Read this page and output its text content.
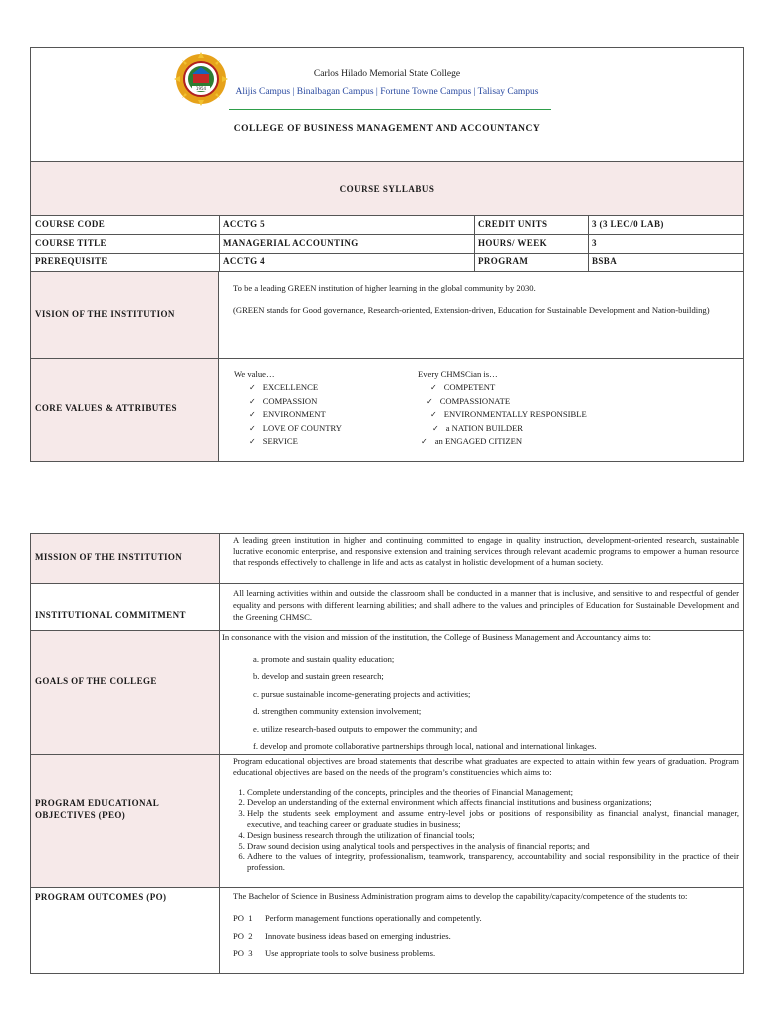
1954
Carlos Hilado Memorial State College
Alijis Campus | Binalbagan Campus | Fortune Towne Campus | Talisay Campus
COLLEGE OF BUSINESS MANAGEMENT AND ACCOUNTANCY
COURSE SYLLABUS
COURSE CODE	ACCTG 5	CREDIT UNITS	3 (3 LEC/0 LAB)
COURSE TITLE	MANAGERIAL ACCOUNTING	HOURS/ WEEK	3
PREREQUISITE	ACCTG 4	PROGRAM	BSBA
VISION OF THE INSTITUTION
To be a leading GREEN institution of higher learning in the global community by 2030.
(GREEN stands for Good governance, Research-oriented, Extension-driven, Education for Sustainable Development and Nation-building)
CORE VALUES & ATTRIBUTES
We value…
✓ EXCELLENCE
✓ COMPASSION
✓ ENVIRONMENT
✓ LOVE OF COUNTRY
✓ SERVICE
Every CHMSCian is…
✓ COMPETENT
✓ COMPASSIONATE
✓ ENVIRONMENTALLY RESPONSIBLE
✓ a NATION BUILDER
✓ an ENGAGED CITIZEN
MISSION OF THE INSTITUTION
A leading green institution in higher and continuing committed to engage in quality instruction, development-oriented research, sustainable lucrative economic enterprise, and responsive extension and training services through relevant academic programs to empower a human resource that responds effectively to challenge in life and acts as catalyst in holistic development of a human society.
INSTITUTIONAL COMMITMENT
All learning activities within and outside the classroom shall be conducted in a manner that is inclusive, and sensitive to and respectful of gender equality and persons with different learning abilities; and shall adhere to the values and principles of Education for Sustainable Development and the Greening CHMSC.
GOALS OF THE COLLEGE
In consonance with the vision and mission of the institution, the College of Business Management and Accountancy aims to:
a. promote and sustain quality education;
b. develop and sustain green research;
c. pursue sustainable income-generating projects and activities;
d. strengthen community extension involvement;
e. utilize research-based outputs to empower the community; and
f. develop and promote collaborative partnerships through local, national and international linkages.
PROGRAM EDUCATIONAL OBJECTIVES (PEO)
Program educational objectives are broad statements that describe what graduates are expected to attain within few years of graduation. Program educational objectives are based on the needs of the program’s constituencies which aims to:
1. Complete understanding of the concepts, principles and the theories of Financial Management;
2. Develop an understanding of the external environment which affects financial institutions and business organizations;
3. Help the students seek employment and assume entry-level jobs or positions of responsibility as financial analyst, financial manager, executive, and teaching career or graduate studies in business;
4. Design business research through the utilization of financial tools;
5. Draw sound decision using analytical tools and perspectives in the analysis of financial reports; and
6. Adhere to the values of integrity, professionalism, teamwork, transparency, accountability and social responsibility in the practice of their profession.
PROGRAM OUTCOMES (PO)	The Bachelor of Science in Business Administration program aims to develop the capability/capacity/competence of the students to:
PO  1 Perform management functions operationally and competently.
PO  2 Innovate business ideas based on emerging industries.
PO  3 Use appropriate tools to solve business problems.
